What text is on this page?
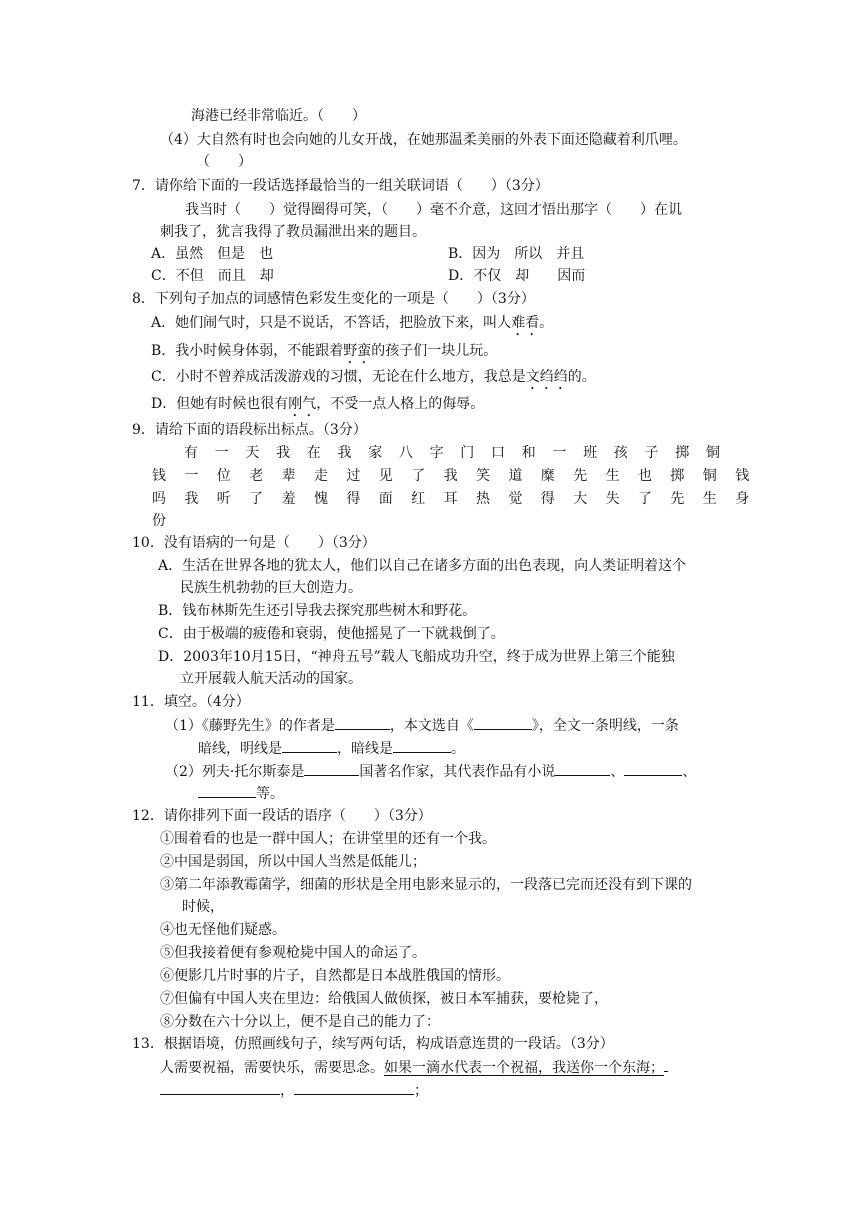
海港已经非常临近。（　　）
（4）大自然有时也会向她的儿女开战，在她那温柔美丽的外表下面还隐藏着利爪哩。
（　　）
7．请你给下面的一段话选择最恰当的一组关联词语（　　）（3分）
我当时（　　）觉得圈得可笑，（　　）毫不介意，这回才悟出那字（　　）在讥
刺我了，犹言我得了教员漏泄出来的题目。
A．虽然　但是　也	B．因为　所以　并且
C．不但　而且　却	D．不仅　却　　因而
8．下列句子加点的词感情色彩发生变化的一项是（　　）（3分）
A．她们闹气时，只是不说话，不答话，把脸放下来，叫人难看。
B．我小时候身体弱，不能跟着野蛮的孩子们一块儿玩。
C．小时不曾养成活泼游戏的习惯，无论在什么地方，我总是文绉绉的。
D．但她有时候也很有刚气，不受一点人格上的侮辱。
9．请给下面的语段标出标点。（3分）
有 一 天 我 在 我 家 八 字 门 口 和 一 班 孩 子 掷 铜
钱 一 位 老 辈 走 过 见 了 我 笑 道 糜 先 生 也 掷 铜 钱
吗 我 听 了 羞 愧 得 面 红 耳 热 觉 得 大 失 了 先 生 身
份
10．没有语病的一句是（　　）（3分）
A．生活在世界各地的犹太人，他们以自己在诸多方面的出色表现，向人类证明着这个
民族生机勃勃的巨大创造力。
B．钱布林斯先生还引导我去探究那些树木和野花。
C．由于极端的疲倦和衰弱，使他摇晃了一下就栽倒了。
D．2003年10月15日，“神舟五号”载人飞船成功升空，终于成为世界上第三个能独
立开展载人航天活动的国家。
11．填空。（4分）
（1）《藤野先生》的作者是	，本文选自《	》，全文一条明线，一条
暗线，明线是	，暗线是	。
（2）列夫·托尔斯泰是	国著名作家，其代表作品有小说	、	、
等。
12．请你排列下面一段话的语序（　　）（3分）
①围着看的也是一群中国人；在讲堂里的还有一个我。
②中国是弱国，所以中国人当然是低能儿；
③第二年添教霉菌学，细菌的形状是全用电影来显示的，一段落已完而还没有到下课的
时候，
④也无怪他们疑惑。
⑤但我接着便有参观枪毙中国人的命运了。
⑥便影几片时事的片子，自然都是日本战胜俄国的情形。
⑦但偏有中国人夹在里边：给俄国人做侦探，被日本军捕获，要枪毙了，
⑧分数在六十分以上，便不是自己的能力了：
13．根据语境，仿照画线句子，续写两句话，构成语意连贯的一段话。（3分）
人需要祝福，需要快乐，需要思念。如果一滴水代表一个祝福，我送你一个东海；
，	；
